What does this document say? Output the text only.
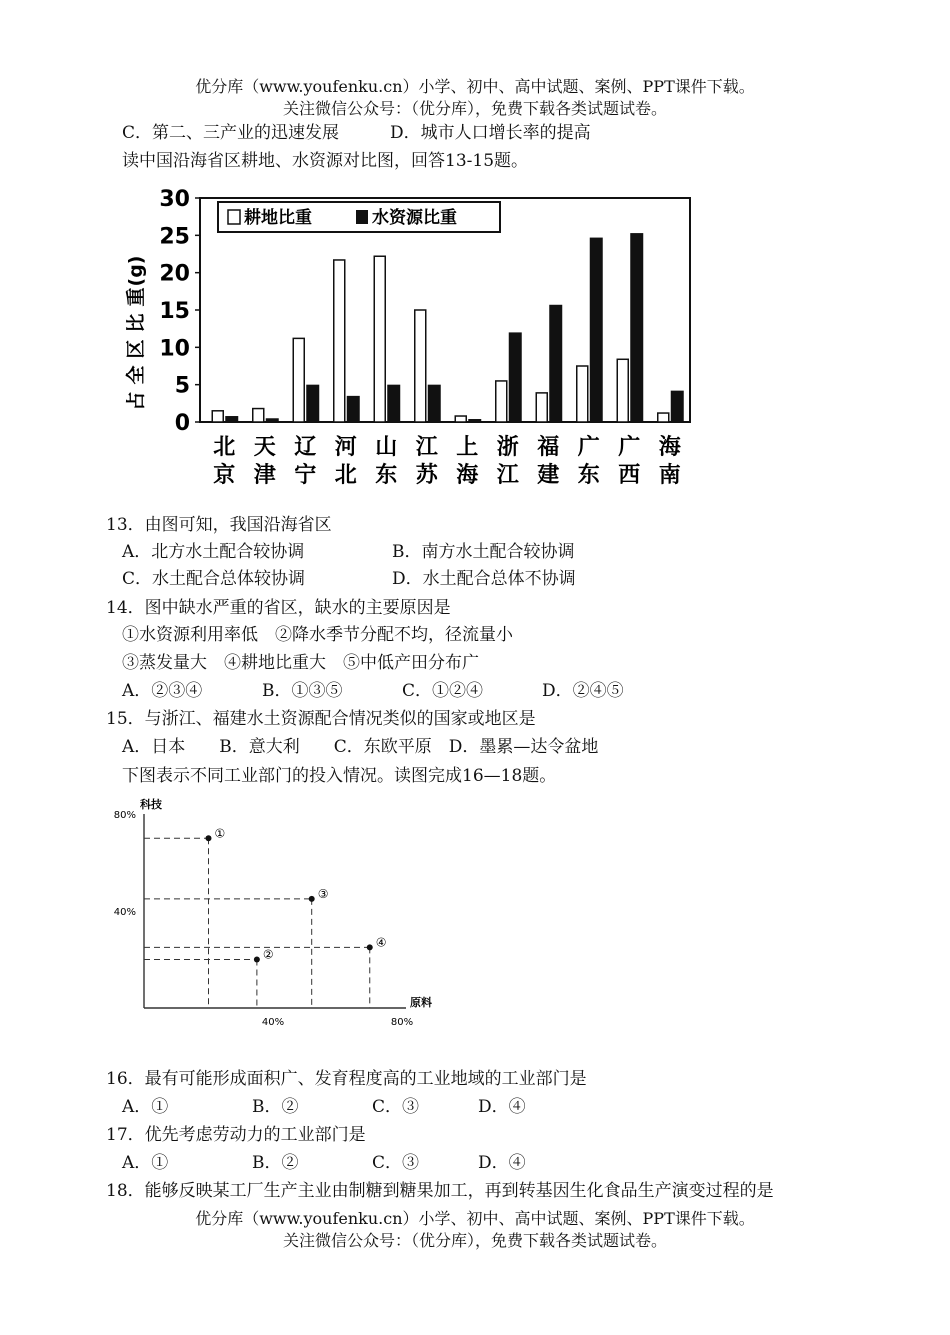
优分库（www.youfenku.cn）小学、初中、高中试题、案例、PPT课件下载。
关注微信公众号：（优分库），免费下载各类试题试卷。
C．第二、三产业的迅速发展　　　D．城市人口增长率的提高
读中国沿海省区耕地、水资源对比图，回答13-15题。
占
全
区
比
重
(g)
0
5
10
15
20
25
30
耕地比重	水资源比重
北
京
天
津
辽
宁
河
北
山
东
江
苏
上
海
浙
江
福
建
广
东
广
西
海
南
13．由图可知，我国沿海省区
A．北方水土配合较协调	B．南方水土配合较协调
C．水土配合总体较协调	D．水土配合总体不协调
14．图中缺水严重的省区，缺水的主要原因是
①水资源利用率低　②降水季节分配不均，径流量小
③蒸发量大　④耕地比重大　⑤中低产田分布广
A．②③④	B．①③⑤	C．①②④	D．②④⑤
15．与浙江、福建水土资源配合情况类似的国家或地区是
A．日本　　B．意大利　　C．东欧平原　D．墨累—达令盆地
下图表示不同工业部门的投入情况。读图完成16—18题。
科技
原料
80%
40%
40%	80%
①
②
③
④
16．最有可能形成面积广、发育程度高的工业地域的工业部门是
A．①	B．②	C．③	D．④
17．优先考虑劳动力的工业部门是
A．①	B．②	C．③	D．④
18．能够反映某工厂生产主业由制糖到糖果加工，再到转基因生化食品生产演变过程的是
优分库（www.youfenku.cn）小学、初中、高中试题、案例、PPT课件下载。
关注微信公众号：（优分库），免费下载各类试题试卷。
